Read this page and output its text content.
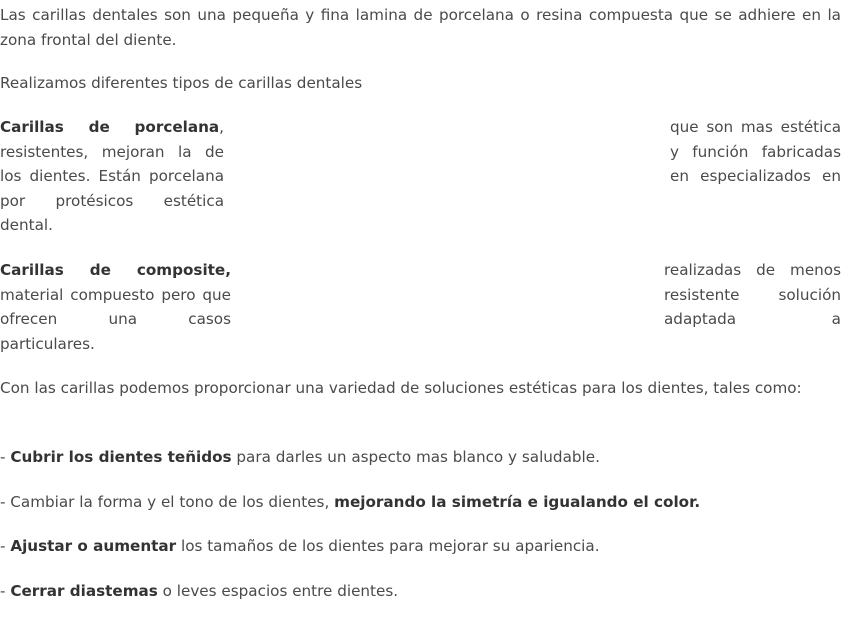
Las carillas dentales son una pequeña y fina lamina de porcelana o resina compuesta que se adhiere en la zona frontal del diente.

Realizamos diferentes tipos de carillas dentales

Carillas de porcelana, resistentes, mejoran la de los dientes. Están porcelana por protésicos estética dental.

que son mas estética y función fabricadas en especializados en

Carillas de composite, material compuesto pero que ofrecen una casos particulares.

realizadas de menos resistente solución adaptada a

Con las carillas podemos proporcionar una variedad de soluciones estéticas para los dientes, tales como:

- Cubrir los dientes teñidos para darles un aspecto mas blanco y saludable.

- Cambiar la forma y el tono de los dientes, mejorando la simetría e igualando el color.

- Ajustar o aumentar los tamaños de los dientes para mejorar su apariencia.

- Cerrar diastemas o leves espacios entre dientes.
